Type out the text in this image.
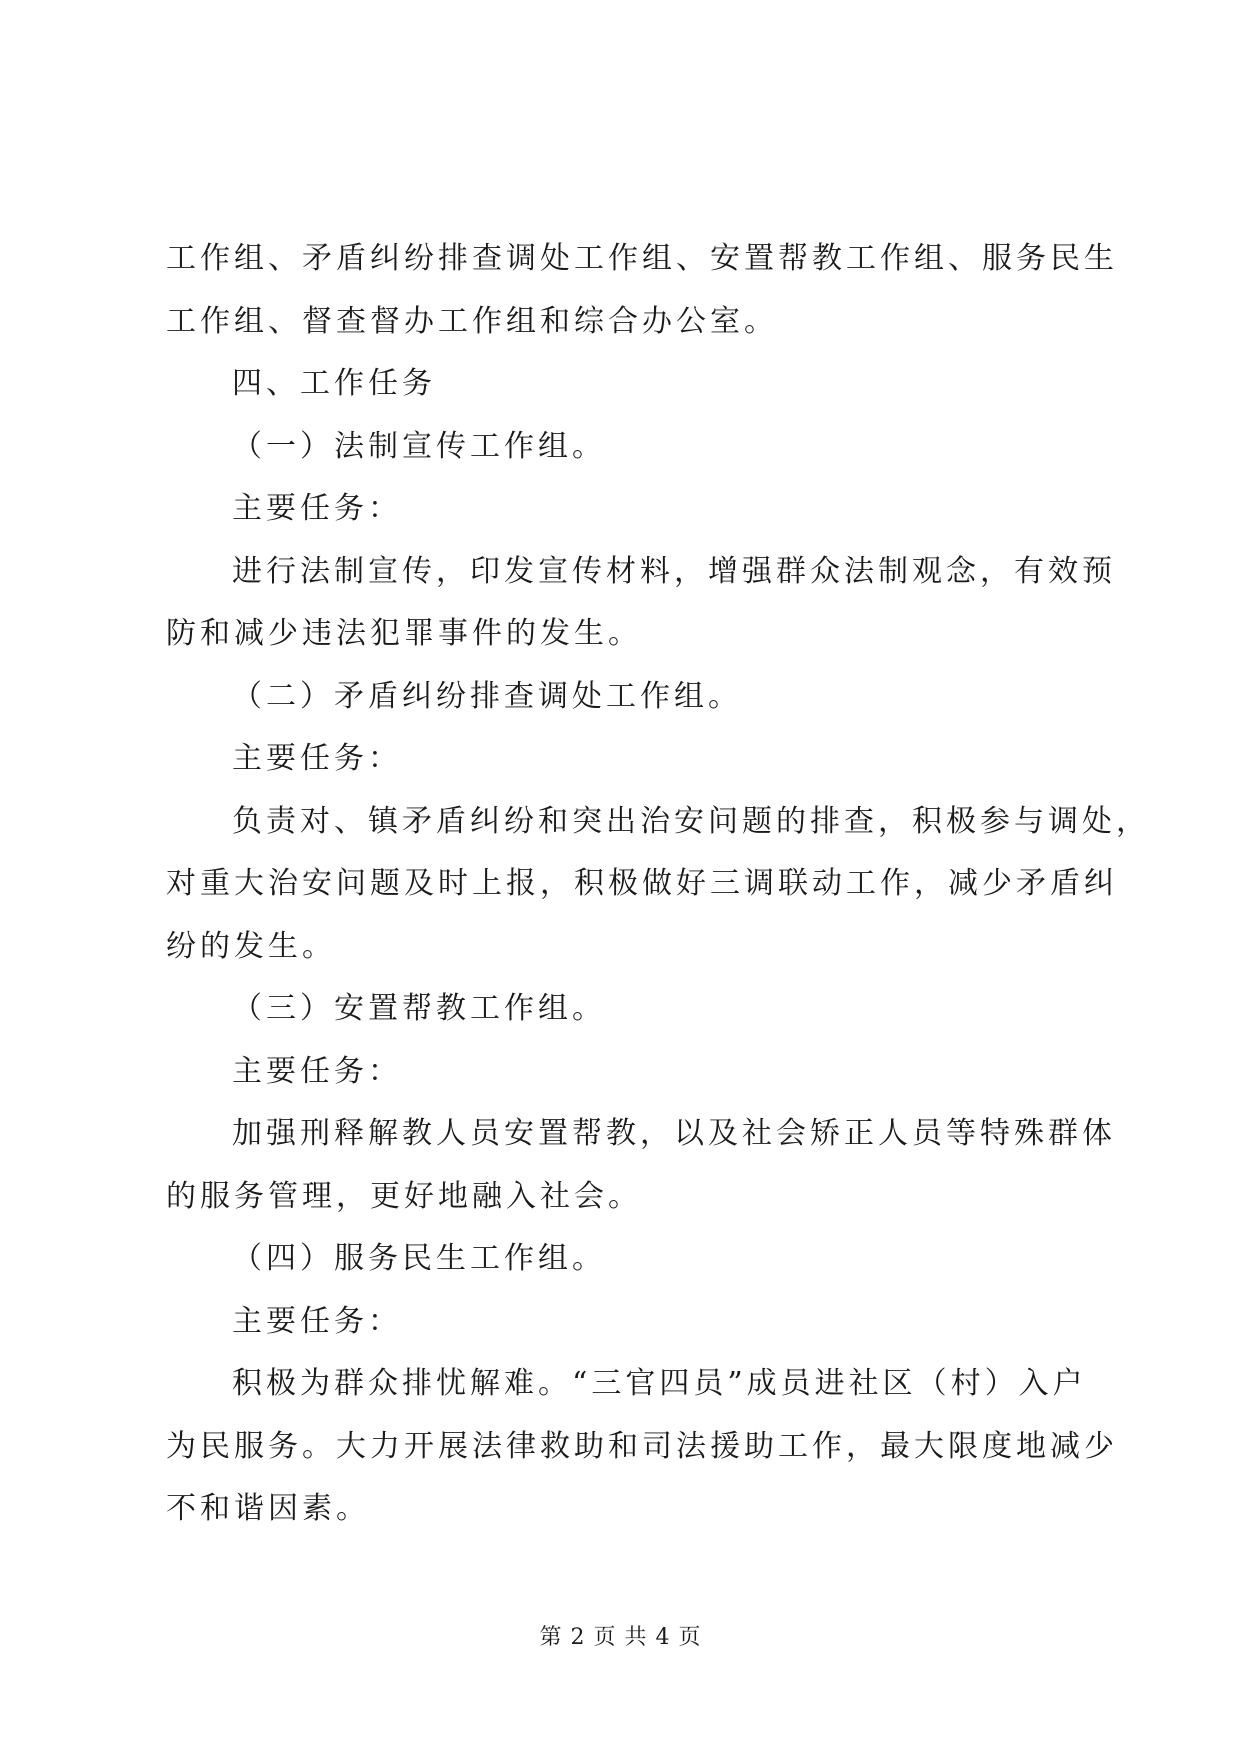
工作组、矛盾纠纷排查调处工作组、安置帮教工作组、服务民生

工作组、督查督办工作组和综合办公室。

四、工作任务

（一）法制宣传工作组。

主要任务：

进行法制宣传，印发宣传材料，增强群众法制观念，有效预

防和减少违法犯罪事件的发生。

（二）矛盾纠纷排查调处工作组。

主要任务：

负责对、镇矛盾纠纷和突出治安问题的排查，积极参与调处，

对重大治安问题及时上报，积极做好三调联动工作，减少矛盾纠

纷的发生。

（三）安置帮教工作组。

主要任务：

加强刑释解教人员安置帮教，以及社会矫正人员等特殊群体

的服务管理，更好地融入社会。

（四）服务民生工作组。

主要任务：

积极为群众排忧解难。“三官四员”成员进社区（村）入户

为民服务。大力开展法律救助和司法援助工作，最大限度地减少

不和谐因素。

第 2 页 共 4 页
